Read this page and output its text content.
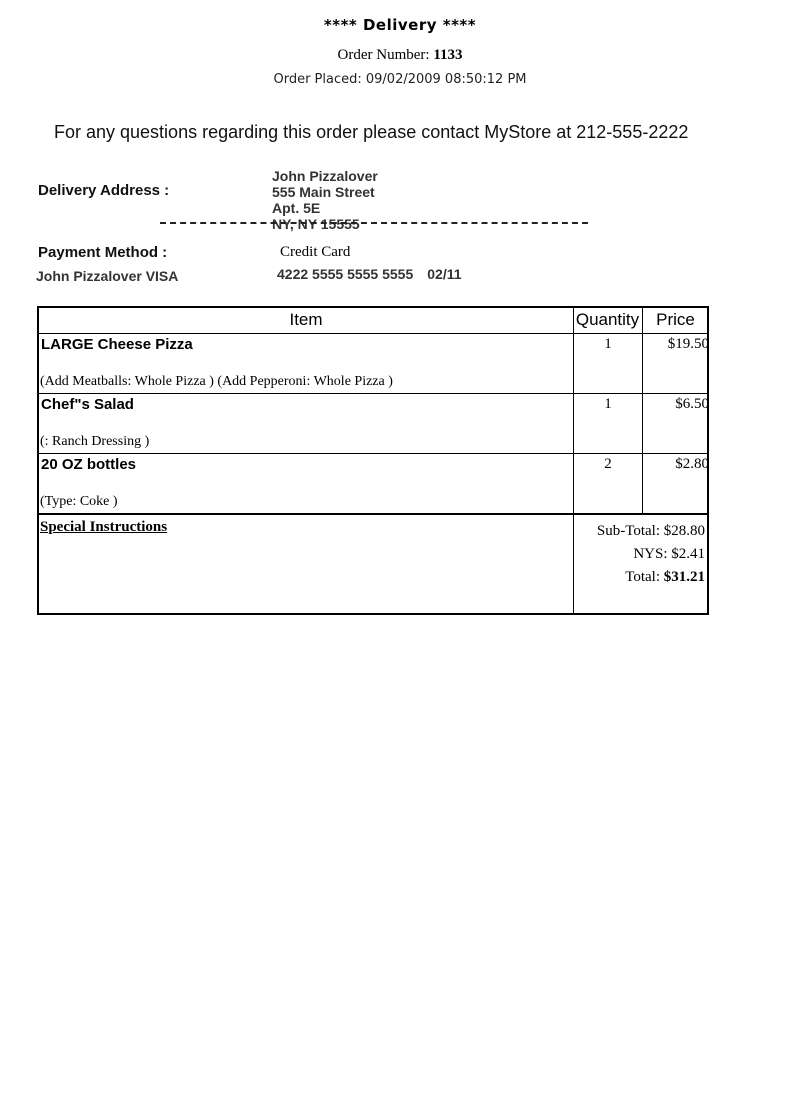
**** Delivery ****
Order Number: 1133
Order Placed: 09/02/2009 08:50:12 PM
For any questions regarding this order please contact MyStore at 212-555-2222
Delivery Address :
John Pizzalover
555 Main Street
Apt. 5E
NY, NY 15555
Payment Method :	Credit Card
John Pizzalover VISA	4222 5555 5555 5555 02/11
Item	Quantity Price
LARGE Cheese Pizza
(Add Meatballs: Whole Pizza ) (Add Pepperoni: Whole Pizza )
1	$19.50
Chef"s Salad
(: Ranch Dressing )
1	$6.50
20 OZ bottles
(Type: Coke )
2	$2.80
Special Instructions	Sub-Total: $28.80
NYS: $2.41
Total: $31.21
